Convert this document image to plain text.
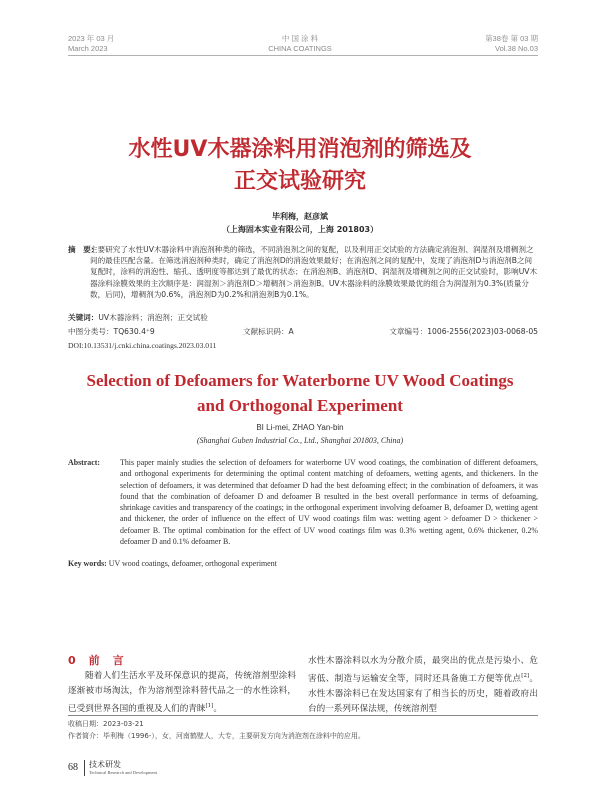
2023 年 03 月
March 2023
中 国 涂 料
CHINA COATINGS
第38卷 第 03 期
Vol.38 No.03
水性UV木器涂料用消泡剂的筛选及
正交试验研究
毕利梅，赵彦斌
（上海固本实业有限公司，上海 201803）
摘　要：
主要研究了水性UV木器涂料中消泡剂种类的筛选，不同消泡剂之间的复配，以及利用正交试验的方法确定消泡剂、润湿剂及增稠剂之间的最佳匹配含量。在筛选消泡剂种类时，确定了消泡剂D的消泡效果最好；在消泡剂之间的复配中，发现了消泡剂D与消泡剂B之间复配时，涂料的消泡性、缩孔、透明度等都达到了最优的状态；在消泡剂B、消泡剂D、润湿剂及增稠剂之间的正交试验时，影响UV木器涂料涂膜效果的主次顺序是：润湿剂＞消泡剂D＞增稠剂＞消泡剂B。UV木器涂料的涂膜效果最优的组合为润湿剂为0.3%(质量分数，后同)，增稠剂为0.6%，消泡剂D为0.2%和消泡剂B为0.1%。
关键词：UV木器涂料；消泡剂；正交试验
中图分类号：TQ630.4⁺9	文献标识码：A	文章编号：1006-2556(2023)03-0068-05
DOI:10.13531/j.cnki.china.coatings.2023.03.011
Selection of Defoamers for Waterborne UV Wood Coatings
and Orthogonal Experiment
BI Li-mei, ZHAO Yan-bin
(Shanghai Guben Industrial Co., Ltd., Shanghai 201803, China)
Abstract:	This paper mainly studies the selection of defoamers for waterborne UV wood coatings, the combination of different defoamers, and orthogonal experiments for determining the optimal content matching of defoamers, wetting agents, and thickeners. In the selection of defoamers, it was determined that defoamer D had the best defoaming effect; in the combination of defoamers, it was found that the combination of defoamer D and defoamer B resulted in the best overall performance in terms of defoaming, shrinkage cavities and transparency of the coatings; in the orthogonal experiment involving defoamer B, defoamer D, wetting agent and thickener, the order of influence on the effect of UV wood coatings film was: wetting agent > defoamer D > thickener > defoamer B. The optimal combination for the effect of UV wood coatings film was 0.3% wetting agent, 0.6% thickener, 0.2% defoamer D and 0.1% defoamer B.
Key words: UV wood coatings, defoamer, orthogonal experiment
0 前　言
随着人们生活水平及环保意识的提高，传统溶剂型涂料逐渐被市场淘汰，作为溶剂型涂料替代品之一的水性涂料，已受到世界各国的重视及人们的青睐[1]。
水性木器涂料以水为分散介质，最突出的优点是污染小、危害低、制造与运输安全等，同时还具备施工方便等优点[2]。水性木器涂料已在发达国家有了相当长的历史，随着政府出台的一系列环保法规，传统溶剂型
收稿日期：2023-03-21
作者简介：毕利梅（1996-），女，河南鹤壁人，大专，主要研发方向为消泡剂在涂料中的应用。
68 技术研发
Technical Research and Development
